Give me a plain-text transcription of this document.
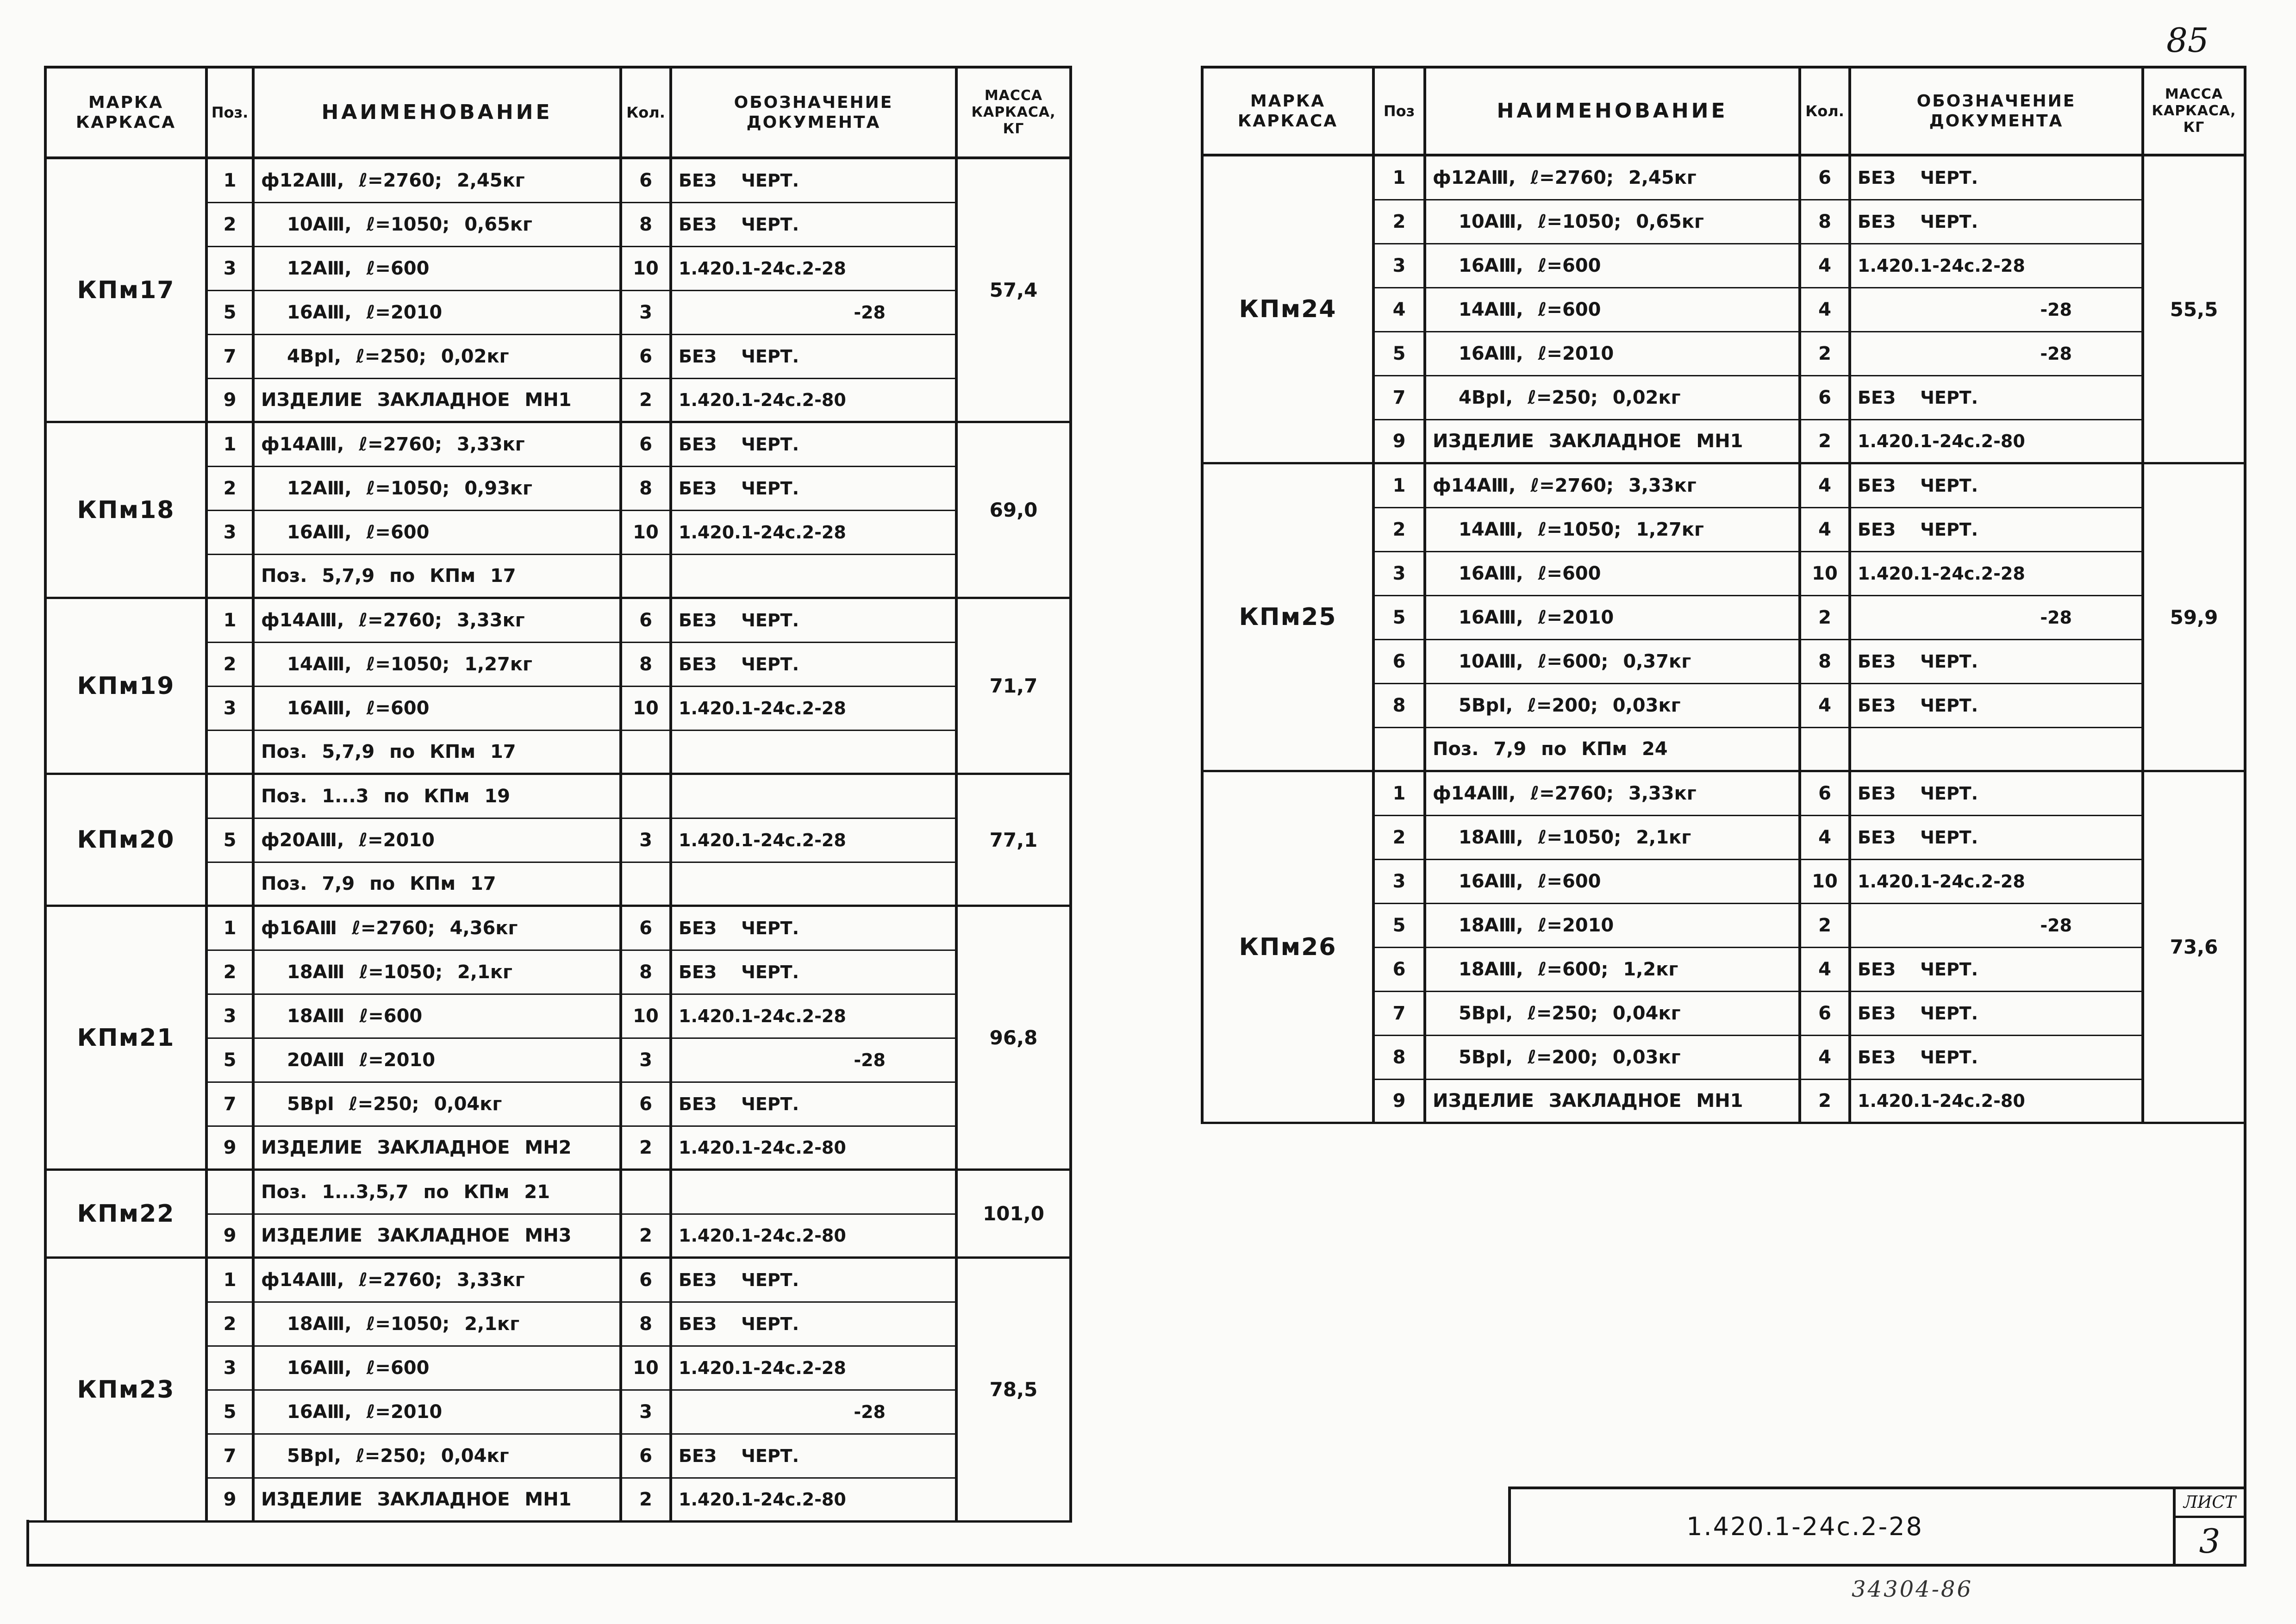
85
МАРКА КАРКАСА
Поз.	НАИМЕНОВАНИЕ	Кол.
ОБОЗНАЧЕНИЕ ДОКУМЕНТА
МАССА КАРКАСА, КГ
КПм17	57,4
1	ф12АⅢ, ℓ=2760; 2,45кг	6	БЕЗ ЧЕРТ.
2	10АⅢ, ℓ=1050; 0,65кг	8	БЕЗ ЧЕРТ.
3	12АⅢ, ℓ=600	10	1.420.1-24с.2-28
5	16АⅢ, ℓ=2010	3	-28
7	4ВрⅠ, ℓ=250; 0,02кг	6	БЕЗ ЧЕРТ.
9	ИЗДЕЛИЕ ЗАКЛАДНОЕ МН1	2	1.420.1-24с.2-80
КПм18	69,0
1	ф14АⅢ, ℓ=2760; 3,33кг	6	БЕЗ ЧЕРТ.
2	12АⅢ, ℓ=1050; 0,93кг	8	БЕЗ ЧЕРТ.
3	16АⅢ, ℓ=600	10	1.420.1-24с.2-28
Поз. 5,7,9 по КПм 17
КПм19	71,7
1	ф14АⅢ, ℓ=2760; 3,33кг	6	БЕЗ ЧЕРТ.
2	14АⅢ, ℓ=1050; 1,27кг	8	БЕЗ ЧЕРТ.
3	16АⅢ, ℓ=600	10	1.420.1-24с.2-28
Поз. 5,7,9 по КПм 17
КПм20	77,1
Поз. 1...3 по КПм 19
5	ф20АⅢ, ℓ=2010	3	1.420.1-24с.2-28
Поз. 7,9 по КПм 17
КПм21	96,8
1	ф16АⅢ ℓ=2760; 4,36кг	6	БЕЗ ЧЕРТ.
2	18АⅢ ℓ=1050; 2,1кг	8	БЕЗ ЧЕРТ.
3	18АⅢ ℓ=600	10	1.420.1-24с.2-28
5	20АⅢ ℓ=2010	3	-28
7	5ВрⅠ ℓ=250; 0,04кг	6	БЕЗ ЧЕРТ.
9	ИЗДЕЛИЕ ЗАКЛАДНОЕ МН2	2	1.420.1-24с.2-80
КПм22	101,0
Поз. 1...3,5,7 по КПм 21
9	ИЗДЕЛИЕ ЗАКЛАДНОЕ МН3	2	1.420.1-24с.2-80
КПм23	78,5
1	ф14АⅢ, ℓ=2760; 3,33кг	6	БЕЗ ЧЕРТ.
2	18АⅢ, ℓ=1050; 2,1кг	8	БЕЗ ЧЕРТ.
3	16АⅢ, ℓ=600	10	1.420.1-24с.2-28
5	16АⅢ, ℓ=2010	3	-28
7	5ВрⅠ, ℓ=250; 0,04кг	6	БЕЗ ЧЕРТ.
9	ИЗДЕЛИЕ ЗАКЛАДНОЕ МН1	2	1.420.1-24с.2-80
МАРКА КАРКАСА
Поз	НАИМЕНОВАНИЕ	Кол.
ОБОЗНАЧЕНИЕ ДОКУМЕНТА
МАССА КАРКАСА, КГ
КПм24	55,5
1	ф12АⅢ, ℓ=2760; 2,45кг	6	БЕЗ ЧЕРТ.
2	10АⅢ, ℓ=1050; 0,65кг	8	БЕЗ ЧЕРТ.
3	16АⅢ, ℓ=600	4	1.420.1-24с.2-28
4	14АⅢ, ℓ=600	4	-28
5	16АⅢ, ℓ=2010	2	-28
7	4ВрⅠ, ℓ=250; 0,02кг	6	БЕЗ ЧЕРТ.
9	ИЗДЕЛИЕ ЗАКЛАДНОЕ МН1	2	1.420.1-24с.2-80
КПм25	59,9
1	ф14АⅢ, ℓ=2760; 3,33кг	4	БЕЗ ЧЕРТ.
2	14АⅢ, ℓ=1050; 1,27кг	4	БЕЗ ЧЕРТ.
3	16АⅢ, ℓ=600	10	1.420.1-24с.2-28
5	16АⅢ, ℓ=2010	2	-28
6	10АⅢ, ℓ=600; 0,37кг	8	БЕЗ ЧЕРТ.
8	5ВрⅠ, ℓ=200; 0,03кг	4	БЕЗ ЧЕРТ.
Поз. 7,9 по КПм 24
КПм26	73,6
1	ф14АⅢ, ℓ=2760; 3,33кг	6	БЕЗ ЧЕРТ.
2	18АⅢ, ℓ=1050; 2,1кг	4	БЕЗ ЧЕРТ.
3	16АⅢ, ℓ=600	10	1.420.1-24с.2-28
5	18АⅢ, ℓ=2010	2	-28
6	18АⅢ, ℓ=600; 1,2кг	4	БЕЗ ЧЕРТ.
7	5ВрⅠ, ℓ=250; 0,04кг	6	БЕЗ ЧЕРТ.
8	5ВрⅠ, ℓ=200; 0,03кг	4	БЕЗ ЧЕРТ.
9	ИЗДЕЛИЕ ЗАКЛАДНОЕ МН1	2	1.420.1-24с.2-80
1.420.1-24с.2-28
ЛИСТ
3
34304-86
